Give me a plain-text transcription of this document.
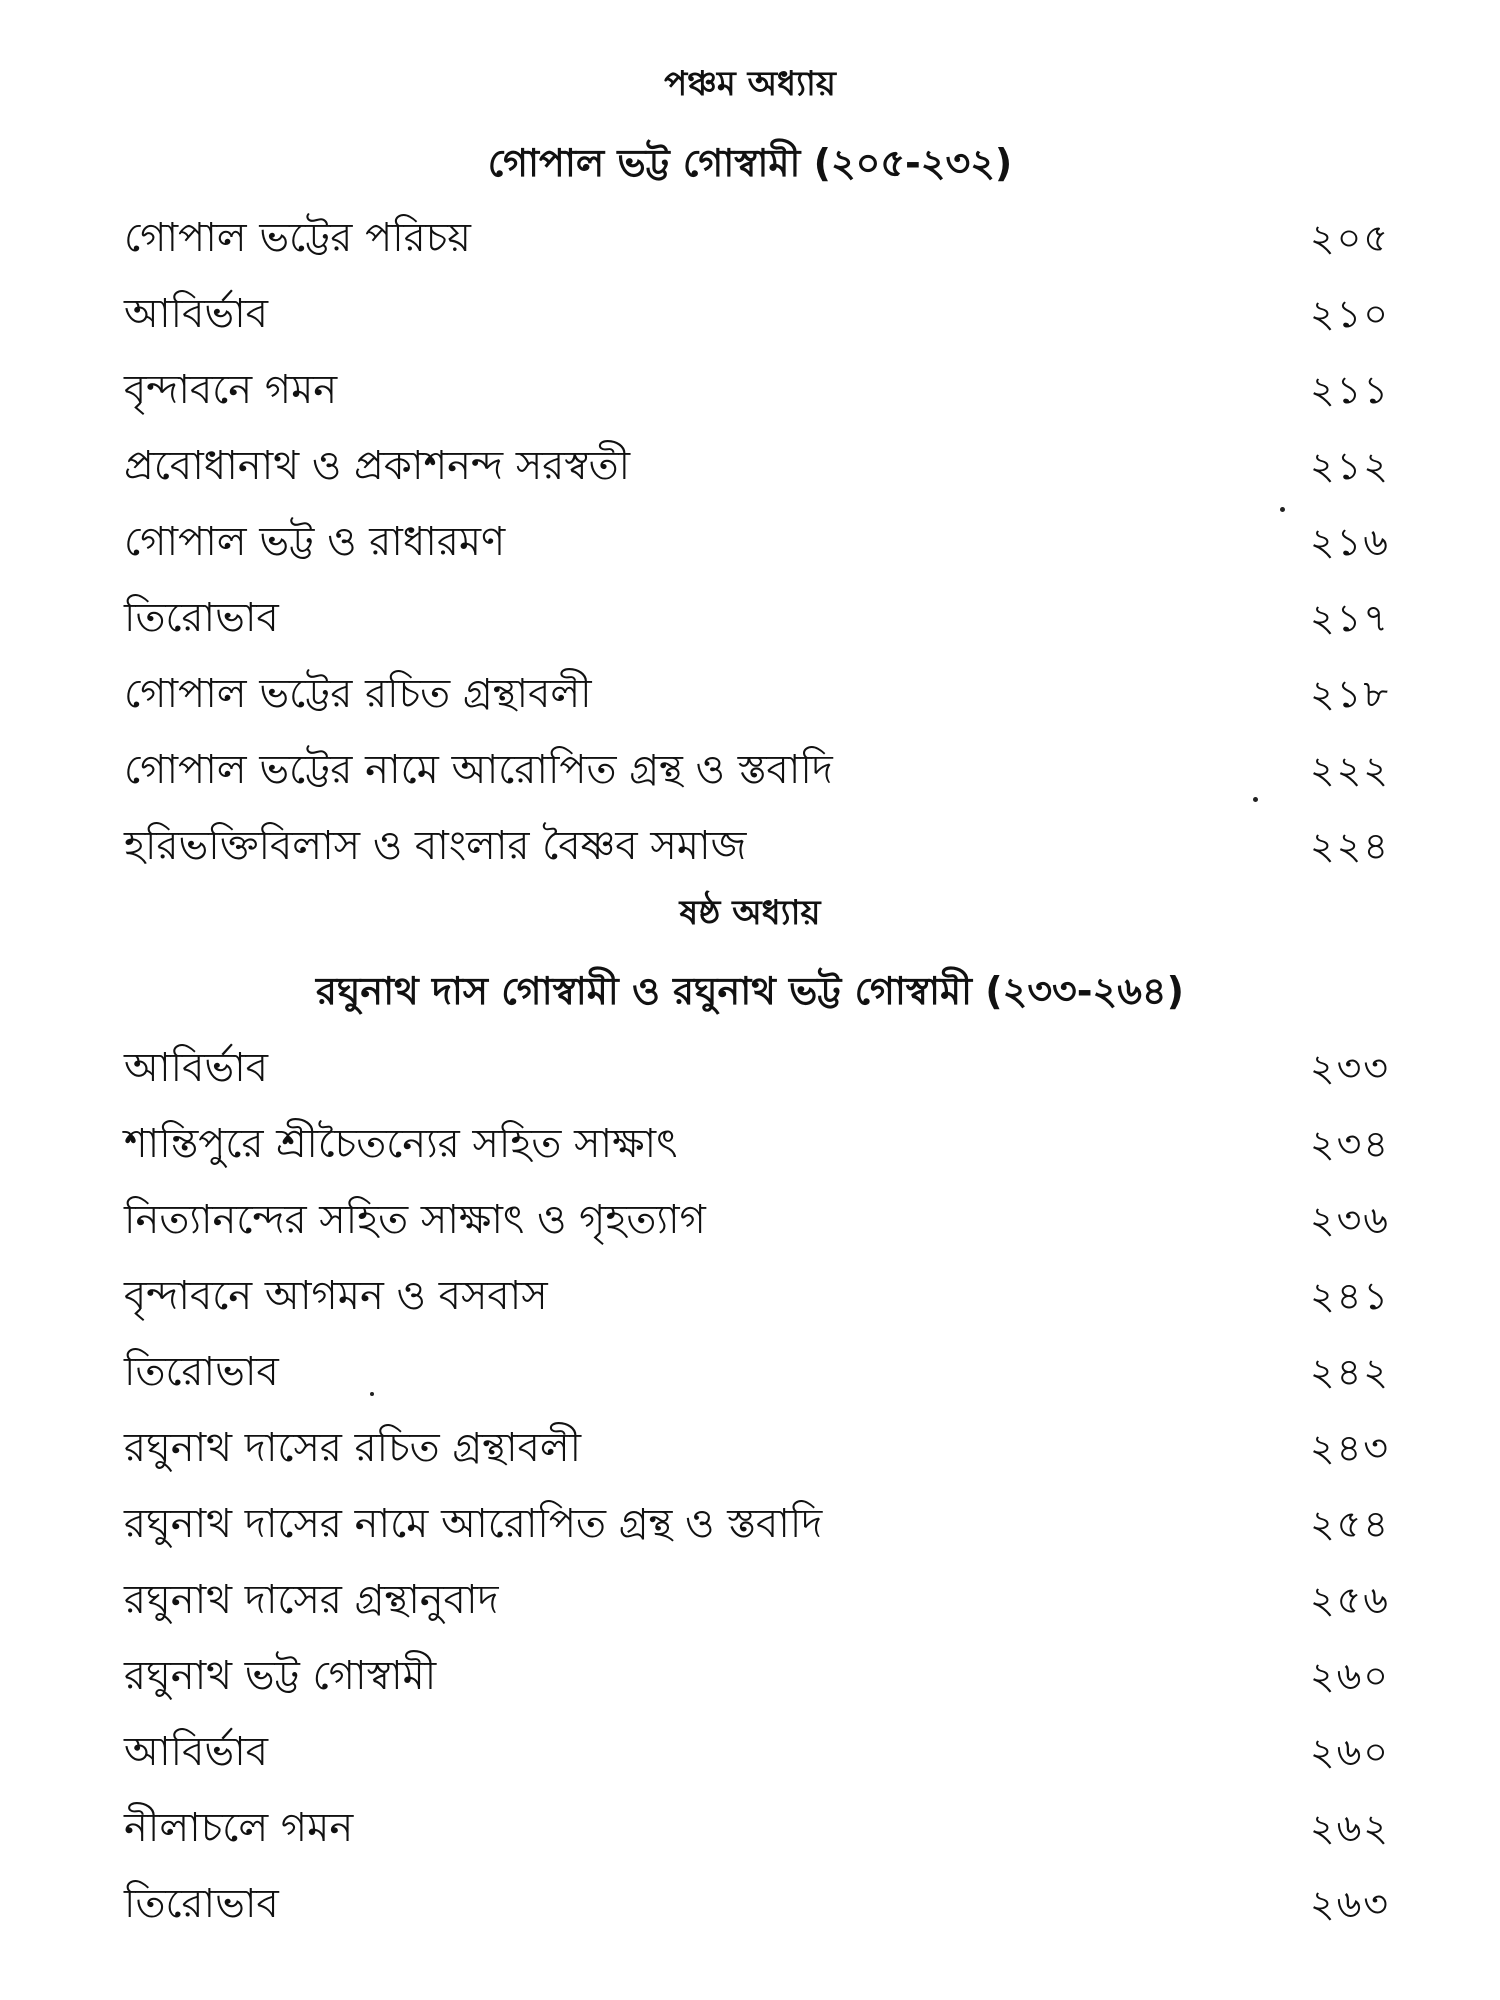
পঞ্চম অধ্যায়
গোপাল ভট্ট গোস্বামী (২০৫-২৩২)
গোপাল ভট্টের পরিচয়	২০৫
আবির্ভাব	২১০
বৃন্দাবনে গমন	২১১
প্রবোধানাথ ও প্রকাশনন্দ সরস্বতী	২১২
গোপাল ভট্ট ও রাধারমণ	২১৬
তিরোভাব	২১৭
গোপাল ভট্টের রচিত গ্রন্থাবলী	২১৮
গোপাল ভট্টের নামে আরোপিত গ্রন্থ ও স্তবাদি	২২২
হরিভক্তিবিলাস ও বাংলার বৈষ্ণব সমাজ	২২৪
ষষ্ঠ অধ্যায়
রঘুনাথ দাস গোস্বামী ও রঘুনাথ ভট্ট গোস্বামী (২৩৩-২৬৪)
আবির্ভাব	২৩৩
শান্তিপুরে শ্রীচৈতন্যের সহিত সাক্ষাৎ	২৩৪
নিত্যানন্দের সহিত সাক্ষাৎ ও গৃহত্যাগ	২৩৬
বৃন্দাবনে আগমন ও বসবাস	২৪১
তিরোভাব	২৪২
রঘুনাথ দাসের রচিত গ্রন্থাবলী	২৪৩
রঘুনাথ দাসের নামে আরোপিত গ্রন্থ ও স্তবাদি	২৫৪
রঘুনাথ দাসের গ্রন্থানুবাদ	২৫৬
রঘুনাথ ভট্ট গোস্বামী	২৬০
আবির্ভাব	২৬০
নীলাচলে গমন	২৬২
তিরোভাব	২৬৩
